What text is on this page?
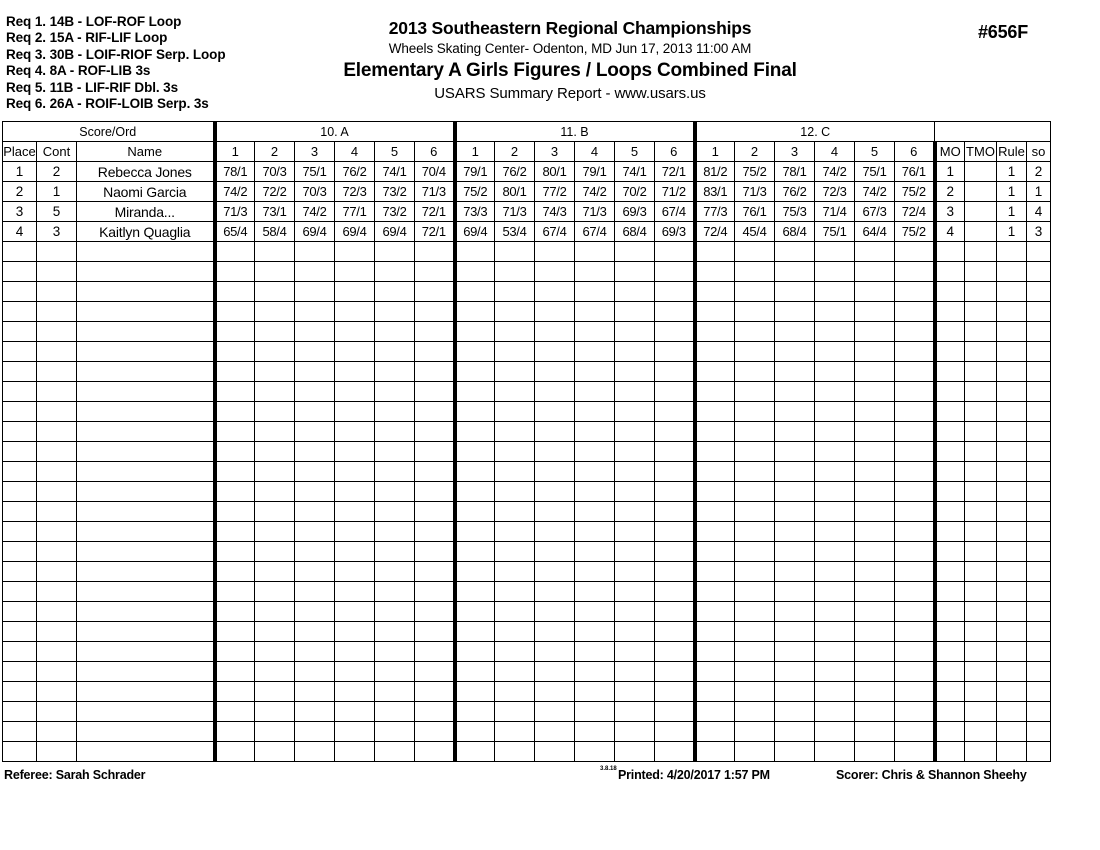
Req 1. 14B - LOF-ROF Loop
Req 2. 15A - RIF-LIF Loop
Req 3. 30B - LOIF-RIOF Serp. Loop
Req 4. 8A - ROF-LIB 3s
Req 5. 11B - LIF-RIF Dbl. 3s
Req 6. 26A - ROIF-LOIB Serp. 3s
2013 Southeastern Regional Championships
Wheels Skating Center- Odenton, MD Jun 17, 2013 11:00 AM
Elementary A Girls Figures / Loops Combined Final
USARS Summary Report - www.usars.us
#656F
Score/Ord			10. A						11. B						12. C									
Place	Cont	Name	1	2	3	4	5	6	1	2	3	4	5	6	1	2	3	4	5	6	MO	TMO	Rule	so
1	2	Rebecca Jones	78/1	70/3	75/1	76/2	74/1	70/4	79/1	76/2	80/1	79/1	74/1	72/1	81/2	75/2	78/1	74/2	75/1	76/1	1		1	2
2	1	Naomi Garcia	74/2	72/2	70/3	72/3	73/2	71/3	75/2	80/1	77/2	74/2	70/2	71/2	83/1	71/3	76/2	72/3	74/2	75/2	2		1	1
3	5	Miranda...	71/3	73/1	74/2	77/1	73/2	72/1	73/3	71/3	74/3	71/3	69/3	67/4	77/3	76/1	75/3	71/4	67/3	72/4	3		1	4
4	3	Kaitlyn Quaglia	65/4	58/4	69/4	69/4	69/4	72/1	69/4	53/4	67/4	67/4	68/4	69/3	72/4	45/4	68/4	75/1	64/4	75/2	4		1	3

Referee: Sarah Schrader	3.8.18 Printed: 4/20/2017 1:57 PM	Scorer: Chris & Shannon Sheehy
